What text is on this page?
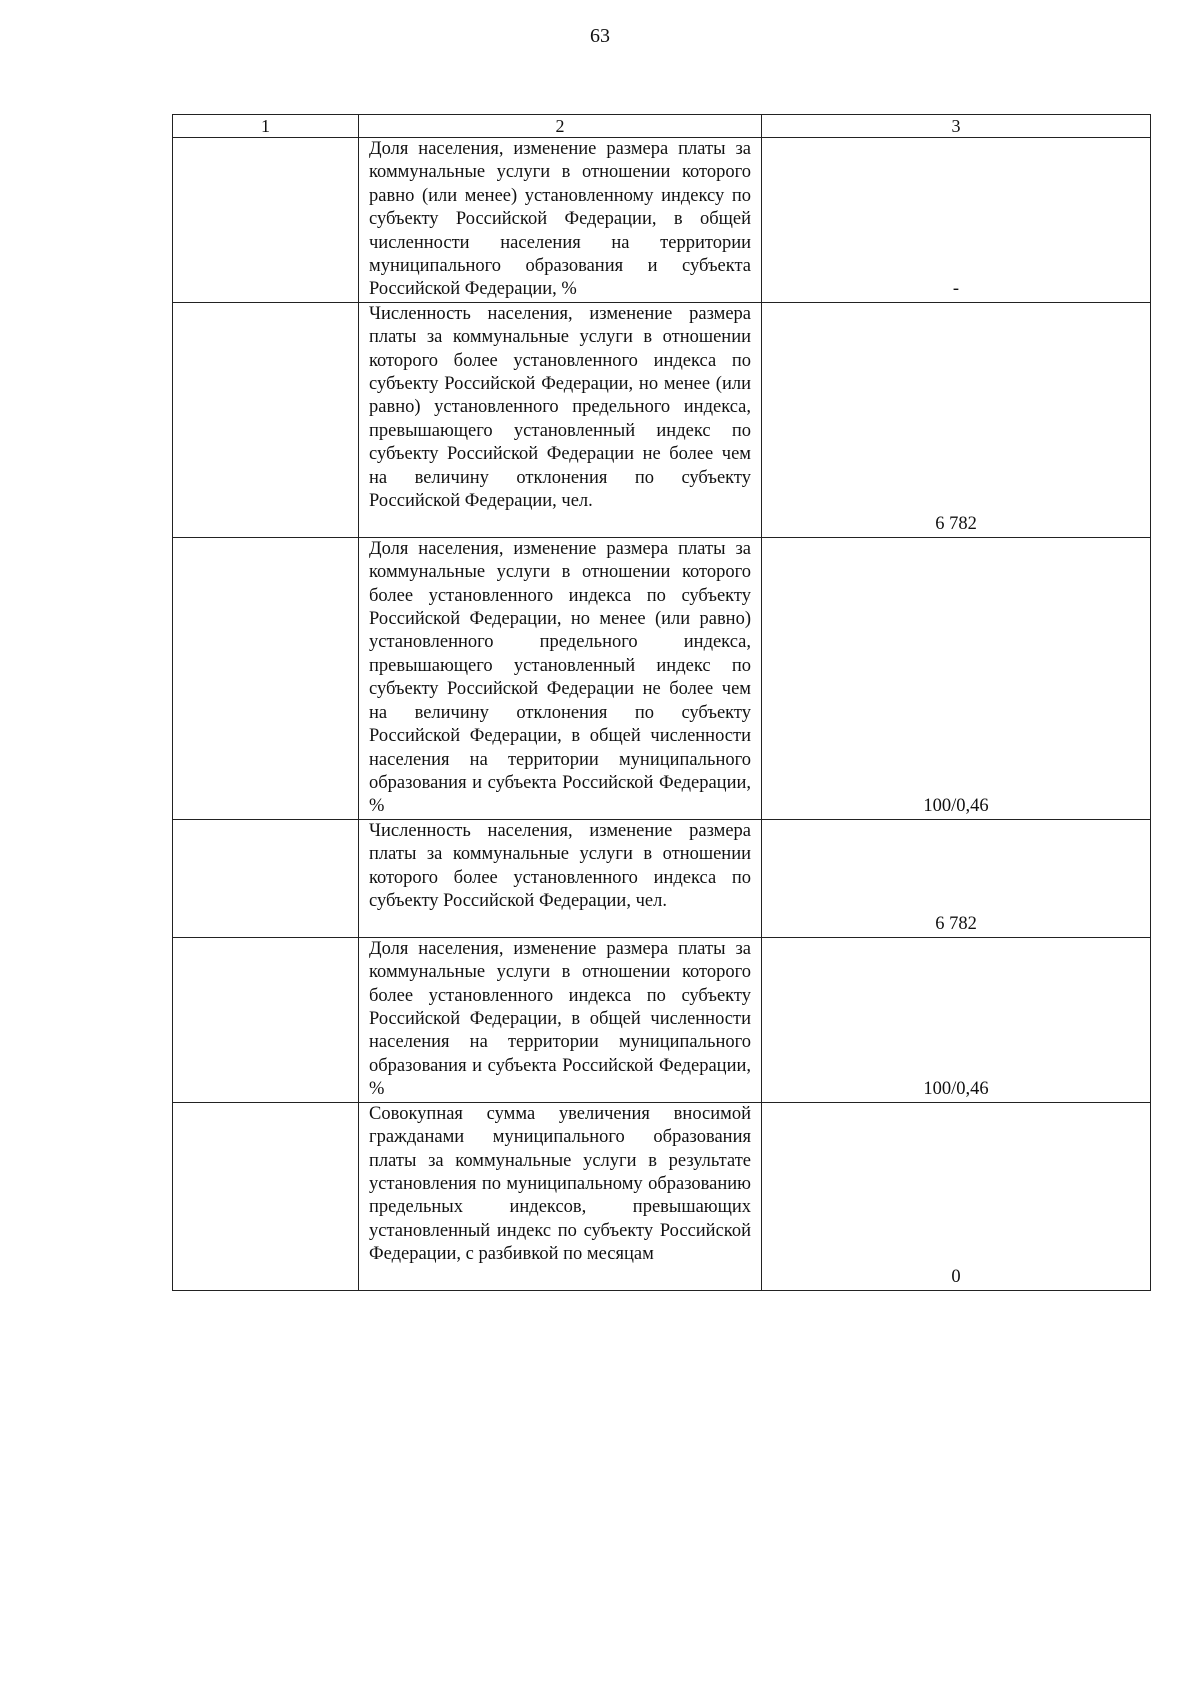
63
1	2	3
	Доля населения, изменение размера платы за коммунальные услуги в отношении которого равно (или менее) установленному индексу по субъекту Российской Федерации, в общей численности населения на территории муниципального образования и субъекта Российской Федерации, %	-
	Численность населения, изменение размера платы за коммунальные услуги в отношении которого более установленного индекса по субъекту Российской Федерации, но менее (или равно) установленного предельного индекса, превышающего установленный индекс по субъекту Российской Федерации не более чем на величину отклонения по субъекту Российской Федерации, чел.	6 782
	Доля населения, изменение размера платы за коммунальные услуги в отношении которого более установленного индекса по субъекту Российской Федерации, но менее (или равно) установленного предельного индекса, превышающего установленный индекс по субъекту Российской Федерации не более чем на величину отклонения по субъекту Российской Федерации, в общей численности населения на территории муниципального образования и субъекта Российской Федерации, %	100/0,46
	Численность населения, изменение размера платы за коммунальные услуги в отношении которого более установленного индекса по субъекту Российской Федерации, чел.	6 782
	Доля населения, изменение размера платы за коммунальные услуги в отношении которого более установленного индекса по субъекту Российской Федерации, в общей численности населения на территории муниципального образования и субъекта Российской Федерации, %	100/0,46
	Совокупная сумма увеличения вносимой гражданами муниципального образования платы за коммунальные услуги в результате установления по муниципальному образованию предельных индексов, превышающих установленный индекс по субъекту Российской Федерации, с разбивкой по месяцам	0
